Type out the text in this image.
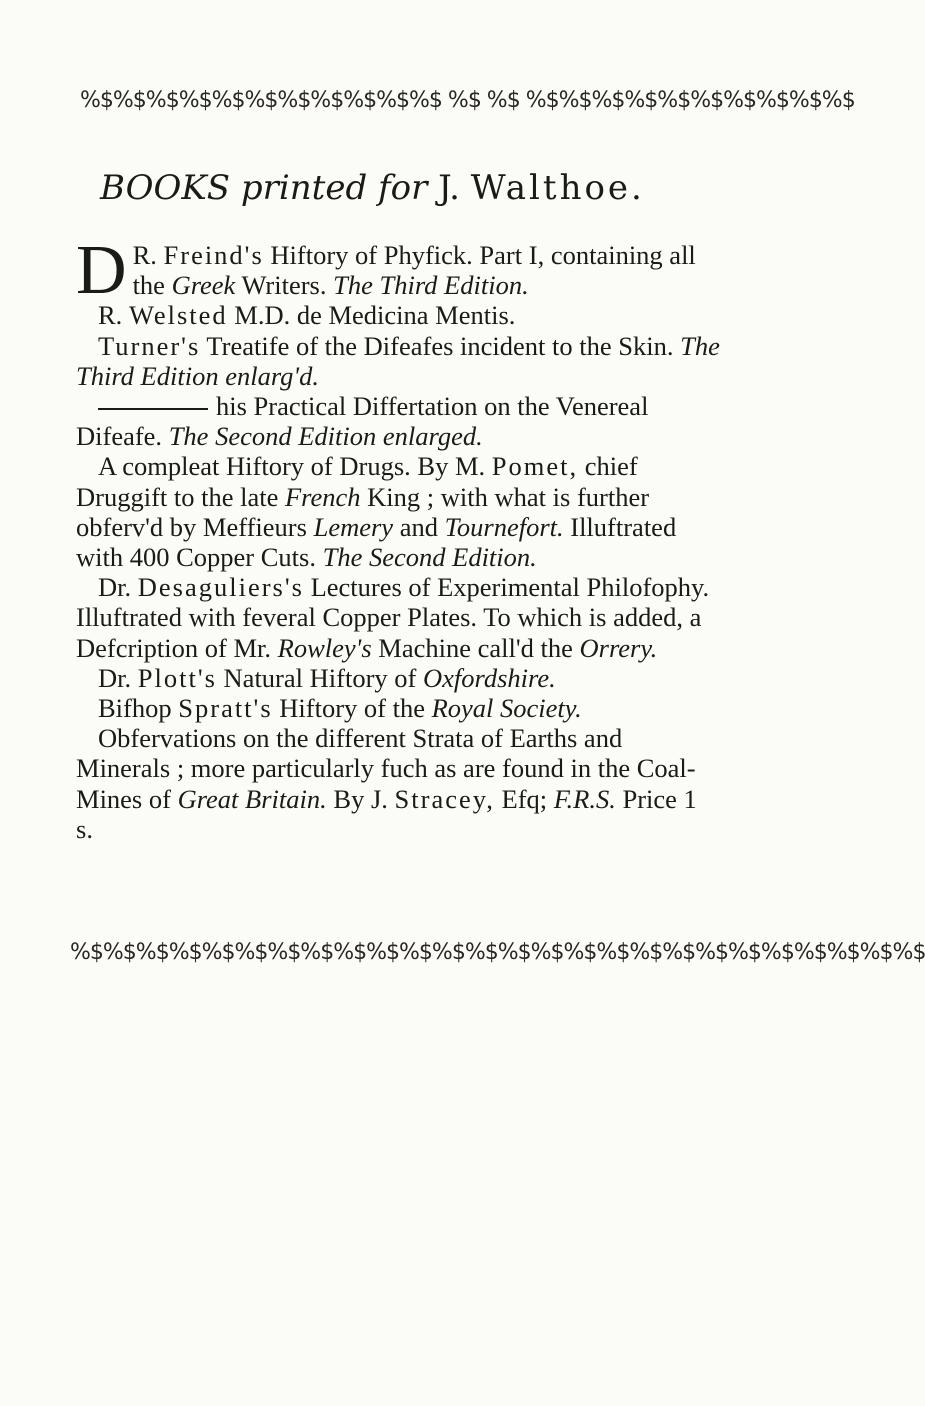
%$%$%$%$%$%$%$%$%$%$%$ %$ %$ %$%$%$%$%$%$%$%$%$%$
BOOKS printed for J. Walthoe.

D R. Freind's Hiftory of Phyfick. Part I, containing all the Greek Writers. The Third Edition.

R. Welsted M.D. de Medicina Mentis.

Turner's Treatife of the Difeafes incident to the Skin. The Third Edition enlarg'd.

his Practical Differtation on the Venereal Difeafe. The Second Edition enlarged.

A compleat Hiftory of Drugs. By M. Pomet, chief Druggift to the late French King ; with what is further obferv'd by Meffieurs Lemery and Tournefort. Illuftrated with 400 Copper Cuts. The Second Edition.

Dr. Desaguliers's Lectures of Experimental Philofophy. Illuftrated with feveral Copper Plates. To which is added, a Defcription of Mr. Rowley's Machine call'd the Orrery.

Dr. Plott's Natural Hiftory of Oxfordshire.

Bifhop Spratt's Hiftory of the Royal Society.

Obfervations on the different Strata of Earths and Minerals ; more particularly fuch as are found in the Coal-Mines of Great Britain. By J. Stracey, Efq; F.R.S. Price 1 s.

%$%$%$%$%$%$%$%$%$%$%$%$%$%$%$%$%$%$%$%$%$%$%$%$%$%$
